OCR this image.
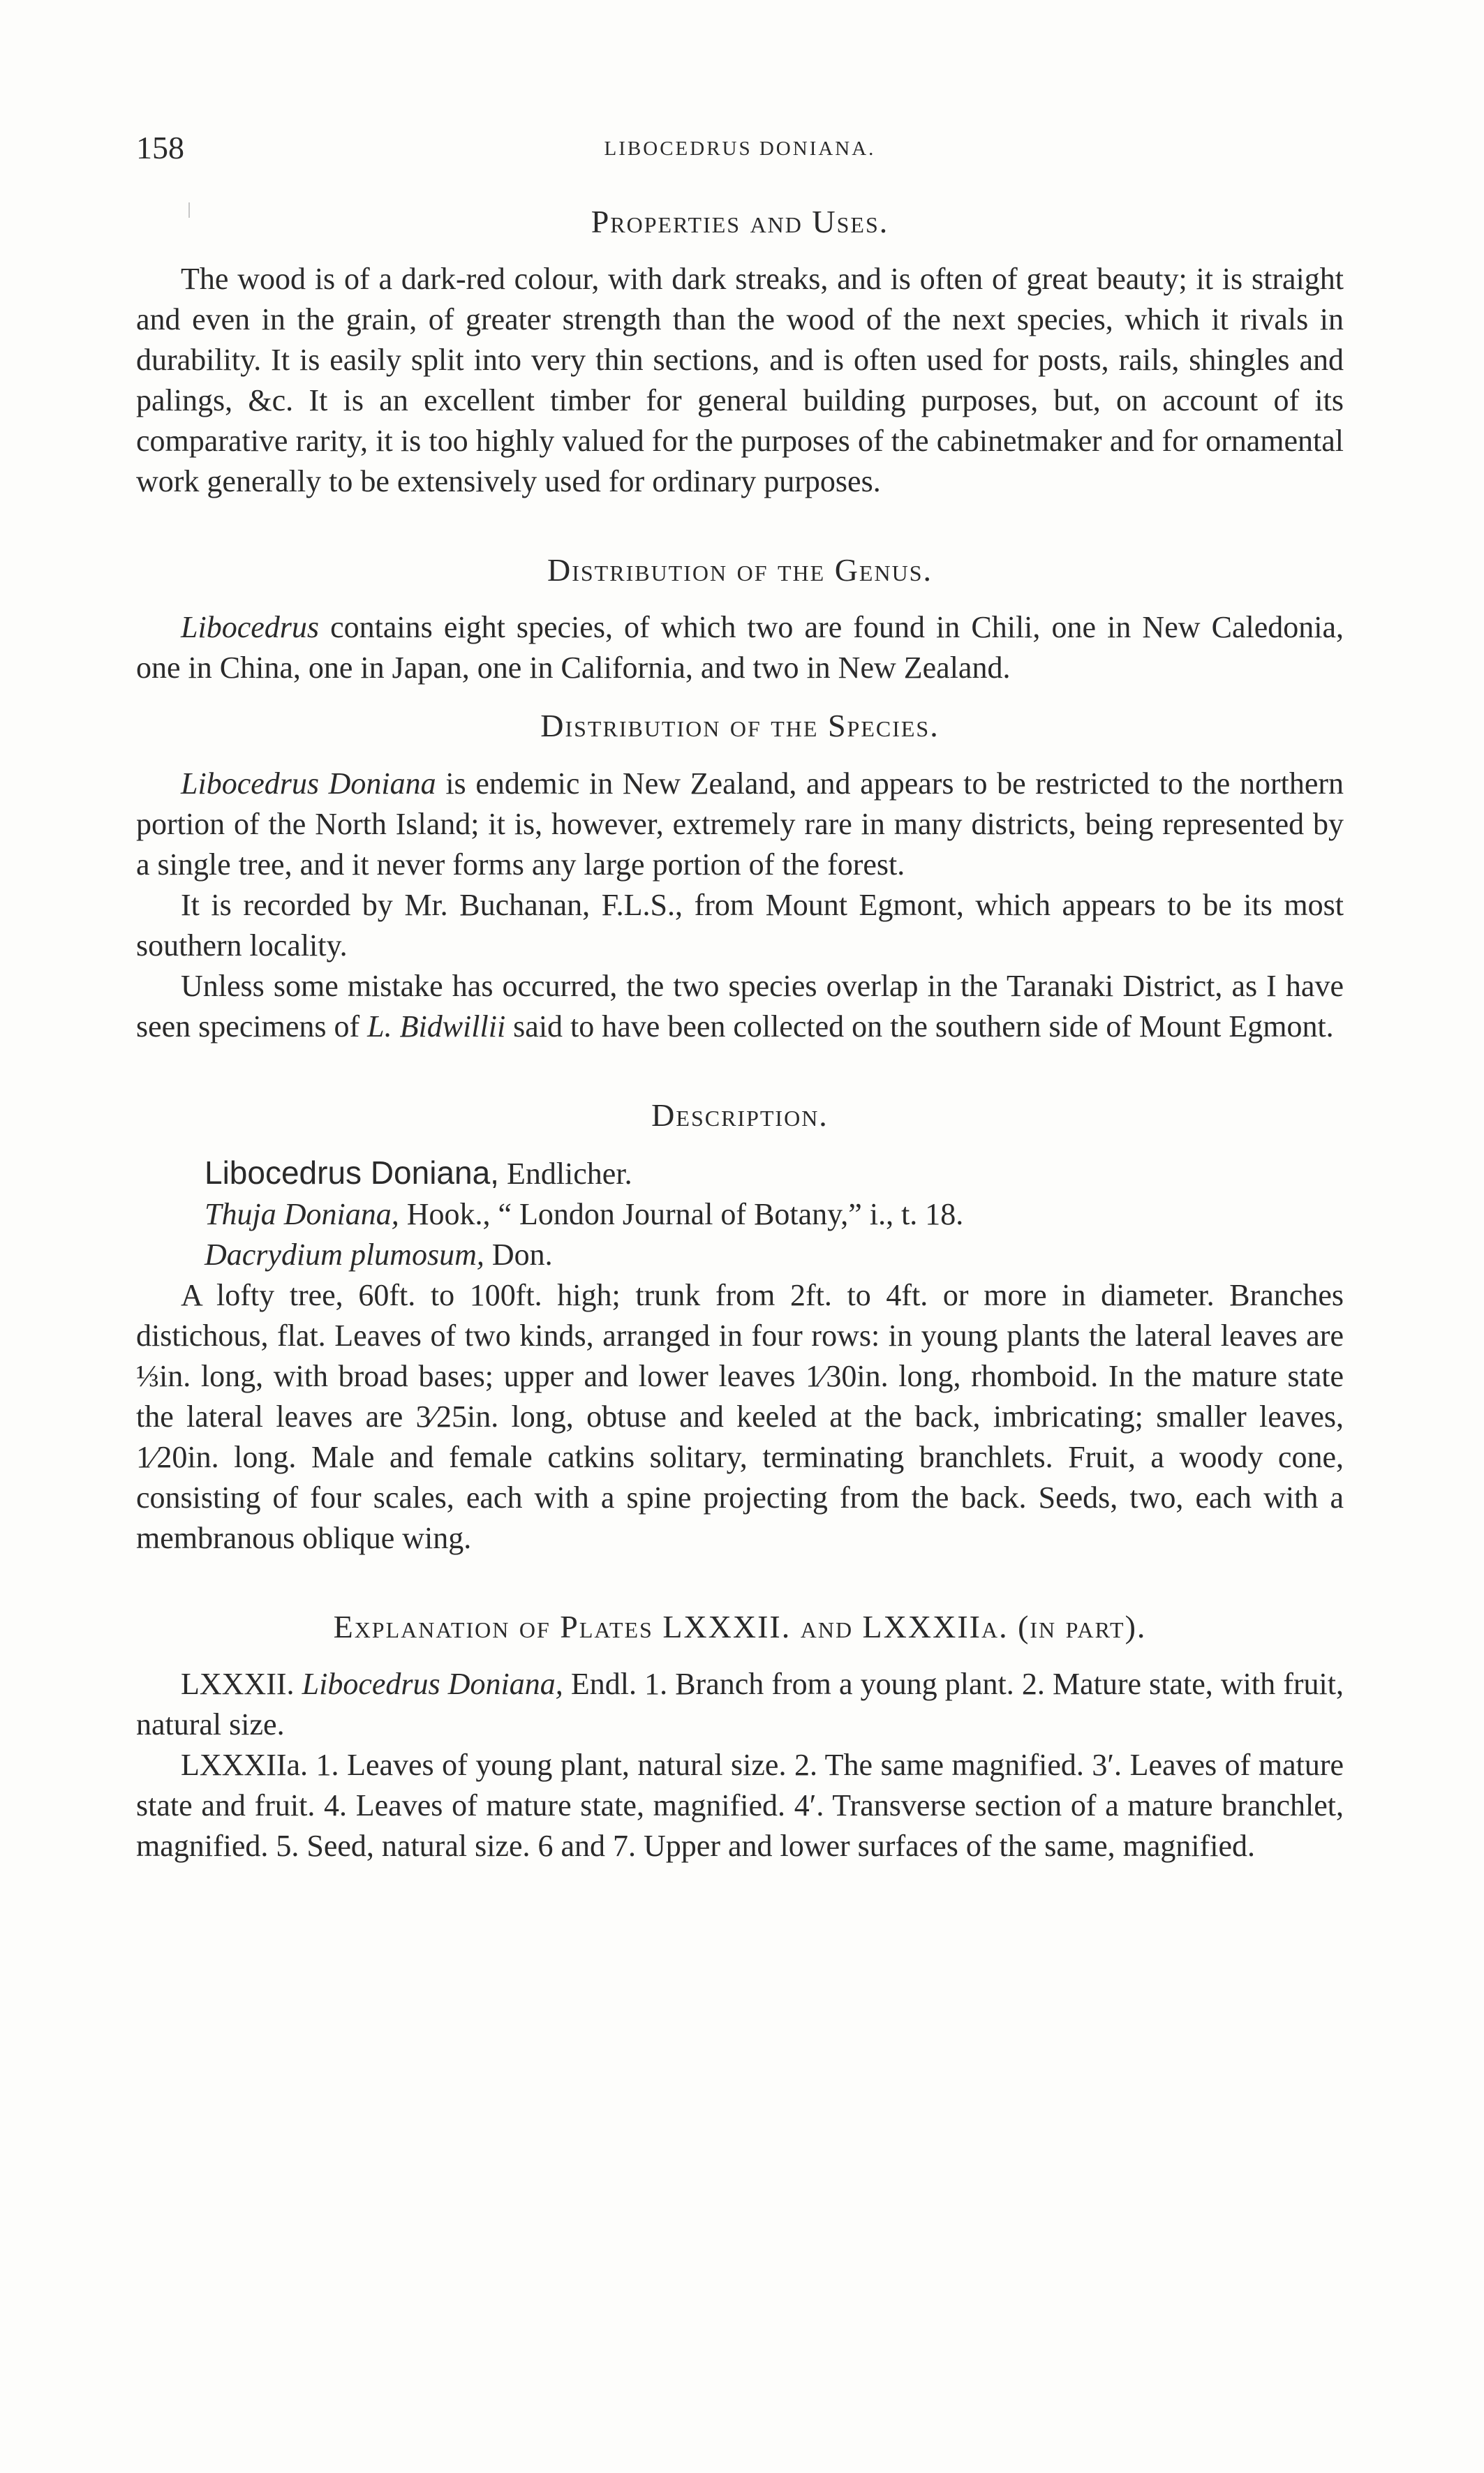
158	LIBOCEDRUS DONIANA.
Properties and Uses.

The wood is of a dark-red colour, with dark streaks, and is often of great beauty; it is straight and even in the grain, of greater strength than the wood of the next species, which it rivals in durability. It is easily split into very thin sections, and is often used for posts, rails, shingles and palings, &c. It is an excellent timber for general building purposes, but, on account of its comparative rarity, it is too highly valued for the purposes of the cabinetmaker and for ornamental work generally to be extensively used for ordinary purposes.

Distribution of the Genus.

Libocedrus contains eight species, of which two are found in Chili, one in New Caledonia, one in China, one in Japan, one in California, and two in New Zealand.

Distribution of the Species.

Libocedrus Doniana is endemic in New Zealand, and appears to be restricted to the northern portion of the North Island; it is, however, extremely rare in many districts, being represented by a single tree, and it never forms any large portion of the forest.

It is recorded by Mr. Buchanan, F.L.S., from Mount Egmont, which appears to be its most southern locality.

Unless some mistake has occurred, the two species overlap in the Taranaki District, as I have seen specimens of L. Bidwillii said to have been collected on the southern side of Mount Egmont.

Description.
Libocedrus Doniana, Endlicher.
Thuja Doniana, Hook., “ London Journal of Botany,” i., t. 18.
Dacrydium plumosum, Don.

A lofty tree, 60ft. to 100ft. high; trunk from 2ft. to 4ft. or more in diameter. Branches distichous, flat. Leaves of two kinds, arranged in four rows: in young plants the lateral leaves are ⅓in. long, with broad bases; upper and lower leaves 1⁄30in. long, rhomboid. In the mature state the lateral leaves are 3⁄25in. long, obtuse and keeled at the back, imbricating; smaller leaves, 1⁄20in. long. Male and female catkins solitary, terminating branchlets. Fruit, a woody cone, consisting of four scales, each with a spine projecting from the back. Seeds, two, each with a membranous oblique wing.

Explanation of Plates LXXXII. and LXXXIIa. (in part).

LXXXII. Libocedrus Doniana, Endl. 1. Branch from a young plant. 2. Mature state, with fruit, natural size.

LXXXIIa. 1. Leaves of young plant, natural size. 2. The same magnified. 3′. Leaves of mature state and fruit. 4. Leaves of mature state, magnified. 4′. Transverse section of a mature branchlet, magnified. 5. Seed, natural size. 6 and 7. Upper and lower surfaces of the same, magnified.
